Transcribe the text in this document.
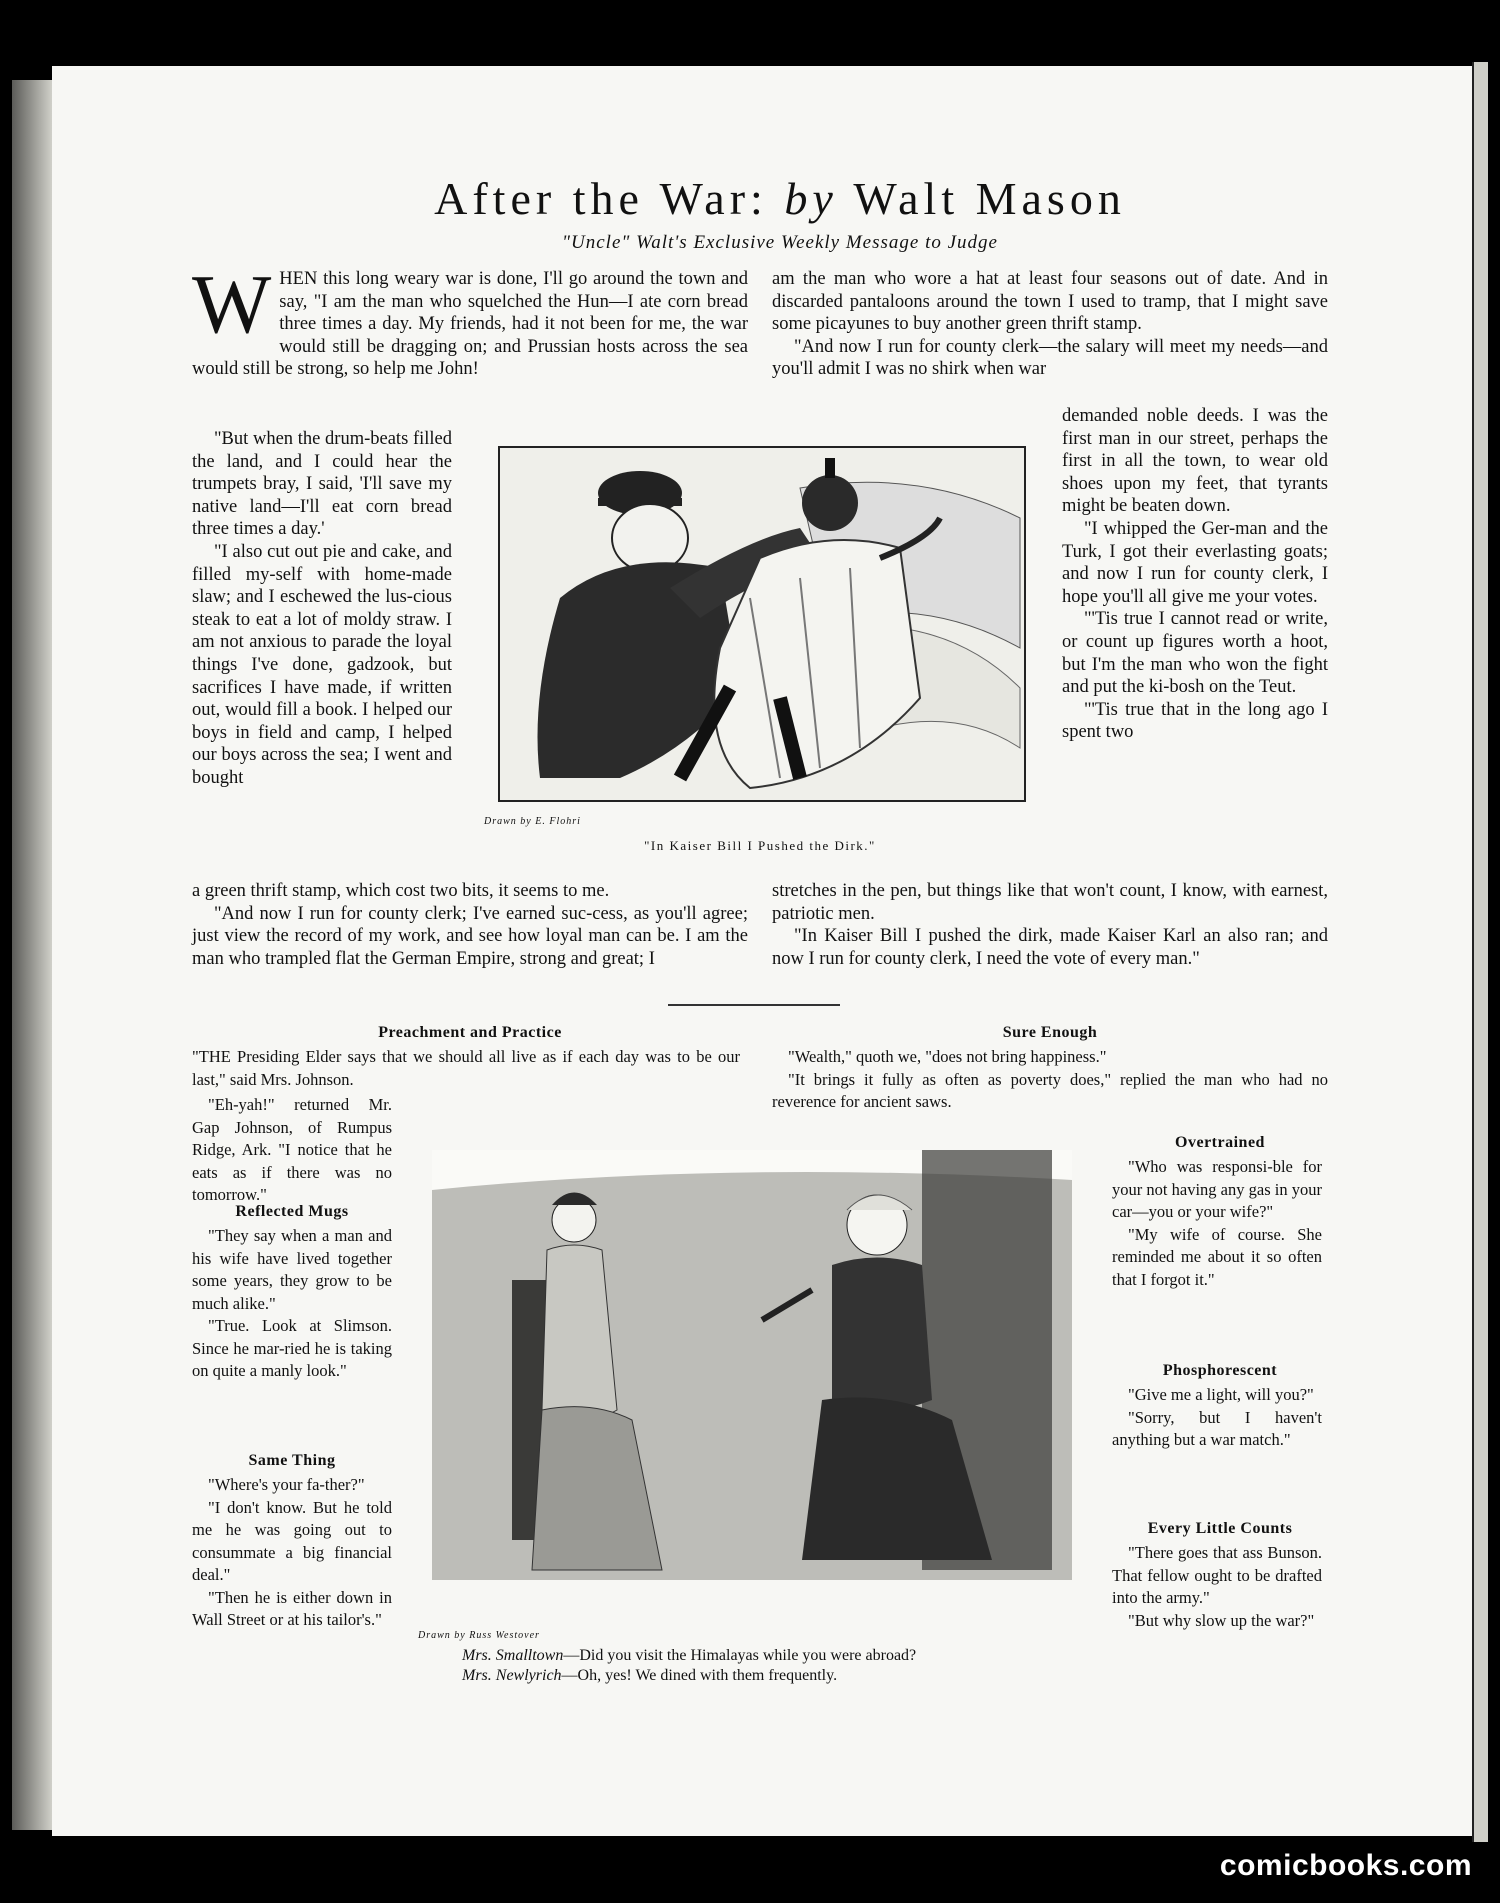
After the War: by Walt Mason
"Uncle" Walt's Exclusive Weekly Message to Judge

WHEN this long weary war is done, I'll go around the town and say, "I am the man who squelched the Hun—I ate corn bread three times a day. My friends, had it not been for me, the war would still be dragging on; and Prussian hosts across the sea would still be strong, so help me John!

"But when the drum-beats filled the land, and I could hear the trumpets bray, I said, 'I'll save my native land—I'll eat corn bread three times a day.'

"I also cut out pie and cake, and filled my-self with home-made slaw; and I eschewed the lus-cious steak to eat a lot of moldy straw. I am not anxious to parade the loyal things I've done, gadzook, but sacrifices I have made, if written out, would fill a book. I helped our boys in field and camp, I helped our boys across the sea; I went and bought

a green thrift stamp, which cost two bits, it seems to me.

"And now I run for county clerk; I've earned suc-cess, as you'll agree; just view the record of my work, and see how loyal man can be. I am the man who trampled flat the German Empire, strong and great; I

am the man who wore a hat at least four seasons out of date. And in discarded pantaloons around the town I used to tramp, that I might save some picayunes to buy another green thrift stamp.

"And now I run for county clerk—the salary will meet my needs—and you'll admit I was no shirk when war

demanded noble deeds. I was the first man in our street, perhaps the first in all the town, to wear old shoes upon my feet, that tyrants might be beaten down.

"I whipped the Ger-man and the Turk, I got their everlasting goats; and now I run for county clerk, I hope you'll all give me your votes.

"'Tis true I cannot read or write, or count up figures worth a hoot, but I'm the man who won the fight and put the ki-bosh on the Teut.

"'Tis true that in the long ago I spent two

stretches in the pen, but things like that won't count, I know, with earnest, patriotic men.

"In Kaiser Bill I pushed the dirk, made Kaiser Karl an also ran; and now I run for county clerk, I need the vote of every man."

Drawn by E. Flohri
"In Kaiser Bill I Pushed the Dirk."
Preachment and Practice

"THE Presiding Elder says that we should all live as if each day was to be our last," said Mrs. Johnson.

"Eh-yah!" returned Mr. Gap Johnson, of Rumpus Ridge, Ark. "I notice that he eats as if there was no tomorrow."

Sure Enough

"Wealth," quoth we, "does not bring happiness."

"It brings it fully as often as poverty does," replied the man who had no reverence for ancient saws.

Reflected Mugs

"They say when a man and his wife have lived together some years, they grow to be much alike."

"True. Look at Slimson. Since he mar-ried he is taking on quite a manly look."

Same Thing

"Where's your fa-ther?"

"I don't know. But he told me he was going out to consummate a big financial deal."

"Then he is either down in Wall Street or at his tailor's."

Overtrained

"Who was responsi-ble for your not having any gas in your car—you or your wife?"

"My wife of course. She reminded me about it so often that I forgot it."

Phosphorescent

"Give me a light, will you?"

"Sorry, but I haven't anything but a war match."

Every Little Counts

"There goes that ass Bunson. That fellow ought to be drafted into the army."

"But why slow up the war?"

Drawn by Russ Westover
Mrs. Smalltown—Did you visit the Himalayas while you were abroad?
Mrs. Newlyrich—Oh, yes! We dined with them frequently.
comicbooks.com
